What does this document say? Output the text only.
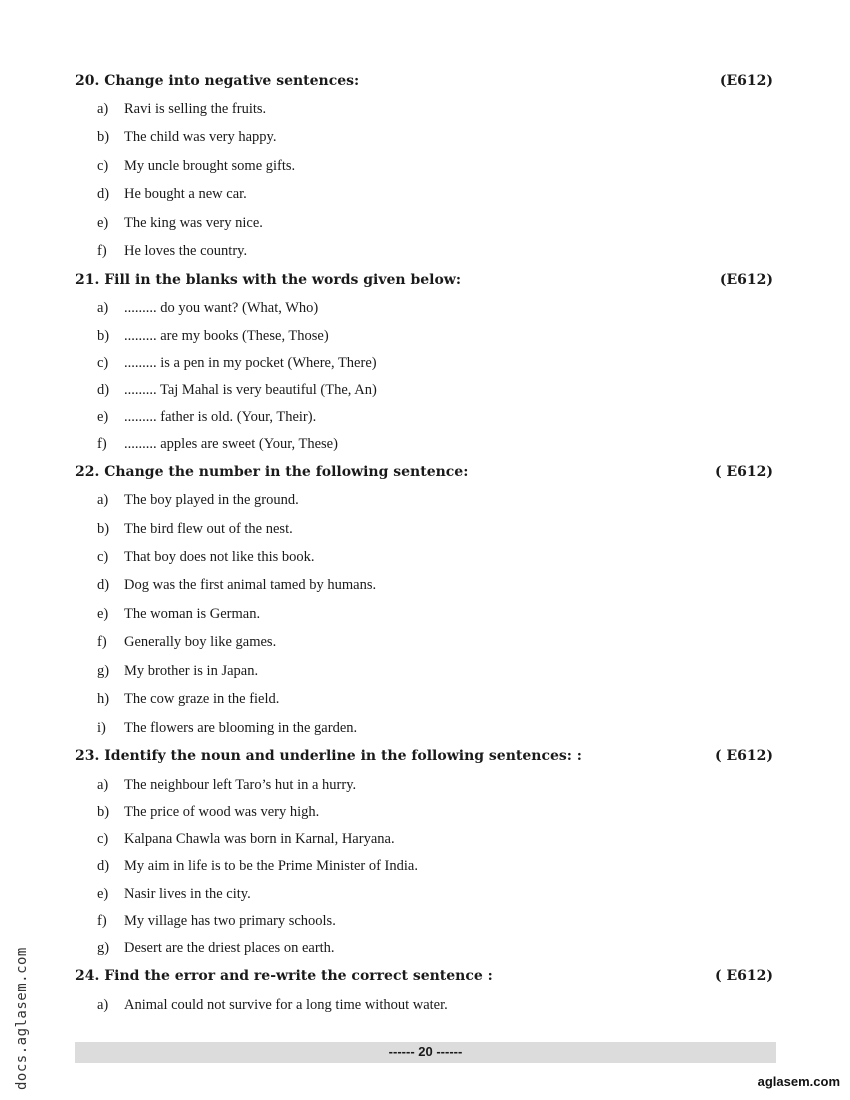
20. Change into negative sentences:	(E612)
a) Ravi is selling the fruits.
b) The child was very happy.
c) My uncle brought some gifts.
d) He bought a new car.
e) The king was very nice.
f) He loves the country.
21. Fill in the blanks with the words given below:	(E612)
a) ......... do you want? (What, Who)
b) ......... are my books (These, Those)
c) ......... is a pen in my pocket (Where, There)
d) ......... Taj Mahal is very beautiful (The, An)
e) ......... father is old. (Your, Their).
f) ......... apples are sweet (Your, These)
22. Change the number in the following sentence:	( E612)
a) The boy played in the ground.
b) The bird flew out of the nest.
c) That boy does not like this book.
d) Dog was the first animal tamed by humans.
e) The woman is German.
f) Generally boy like games.
g) My brother is in Japan.
h) The cow graze in the field.
i) The flowers are blooming in the garden.
23. Identify the noun and underline in the following sentences: :	( E612)
a) The neighbour left Taro’s hut in a hurry.
b) The price of wood was very high.
c) Kalpana Chawla was born in Karnal, Haryana.
d) My aim in life is to be the Prime Minister of India.
e) Nasir lives in the city.
f) My village has two primary schools.
g) Desert are the driest places on earth.
24. Find the error and re-write the correct sentence :	( E612)
a) Animal could not survive for a long time without water.
------ 20 ------
docs.aglasem.com	aglasem.com
